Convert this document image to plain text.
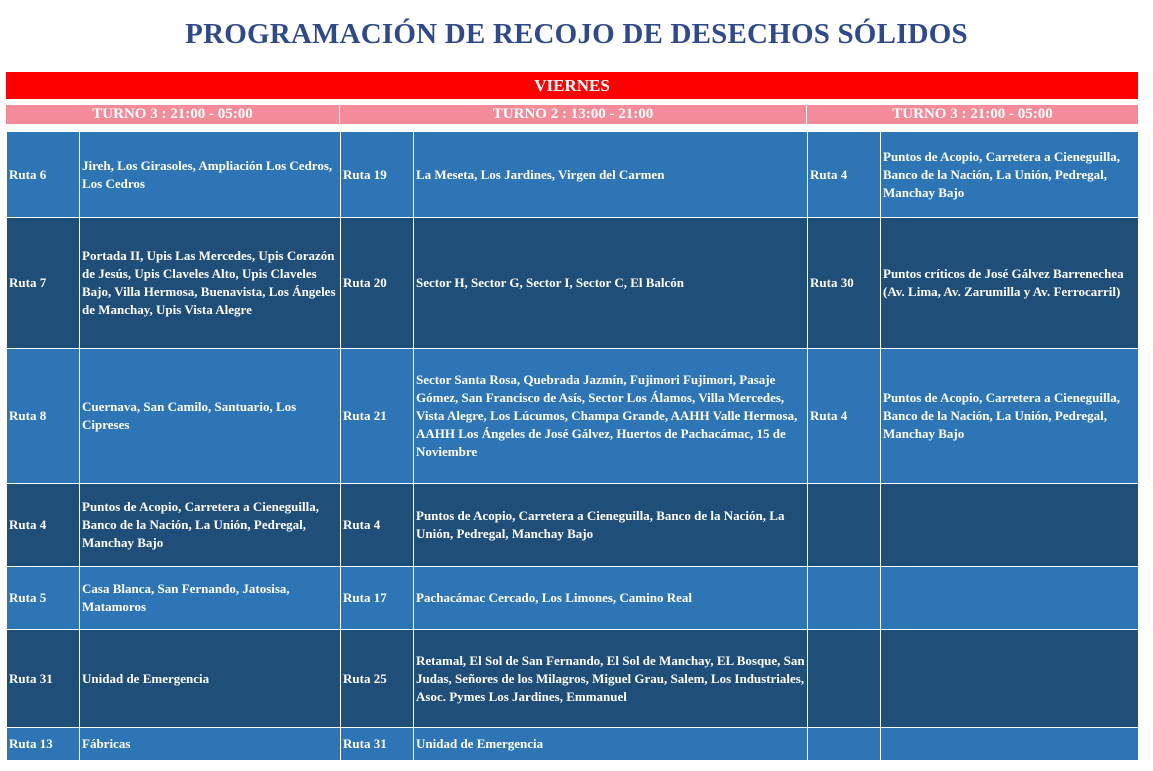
PROGRAMACIÓN DE RECOJO DE DESECHOS SÓLIDOS
VIERNES
TURNO 3 : 21:00 - 05:00	TURNO 2 : 13:00 - 21:00	TURNO 3 : 21:00 - 05:00
Ruta 6	Jireh, Los Girasoles, Ampliación Los Cedros, Los Cedros	Ruta 19	La Meseta, Los Jardines, Virgen del Carmen	Ruta 4	Puntos de Acopio, Carretera a Cieneguilla, Banco de la Nación, La Unión, Pedregal, Manchay Bajo
Ruta 7	Portada II, Upis Las Mercedes, Upis Corazón de Jesús, Upis Claveles Alto, Upis Claveles Bajo, Villa Hermosa, Buenavista, Los Ángeles de Manchay, Upis Vista Alegre	Ruta 20	Sector H, Sector G, Sector I, Sector C, El Balcón	Ruta 30	Puntos críticos de José Gálvez Barrenechea (Av. Lima, Av. Zarumilla y Av. Ferrocarril)
Ruta 8	Cuernava, San Camilo, Santuario, Los Cipreses	Ruta 21	Sector Santa Rosa, Quebrada Jazmín, Fujimori Fujimori, Pasaje Gómez, San Francisco de Asís, Sector Los Álamos, Villa Mercedes, Vista Alegre, Los Lúcumos, Champa Grande, AAHH Valle Hermosa, AAHH Los Ángeles de José Gálvez, Huertos de Pachacámac, 15 de Noviembre	Ruta 4	Puntos de Acopio, Carretera a Cieneguilla, Banco de la Nación, La Unión, Pedregal, Manchay Bajo
Ruta 4	Puntos de Acopio, Carretera a Cieneguilla, Banco de la Nación, La Unión, Pedregal, Manchay Bajo	Ruta 4	Puntos de Acopio, Carretera a Cieneguilla, Banco de la Nación, La Unión, Pedregal, Manchay Bajo		
Ruta 5	Casa Blanca, San Fernando, Jatosisa, Matamoros	Ruta 17	Pachacámac Cercado, Los Limones, Camino Real		
Ruta 31	Unidad de Emergencia	Ruta 25	Retamal, El Sol de San Fernando, El Sol de Manchay, EL Bosque, San Judas, Señores de los Milagros, Miguel Grau, Salem, Los Industriales, Asoc. Pymes Los Jardines, Emmanuel		
Ruta 13	Fábricas	Ruta 31	Unidad de Emergencia		
